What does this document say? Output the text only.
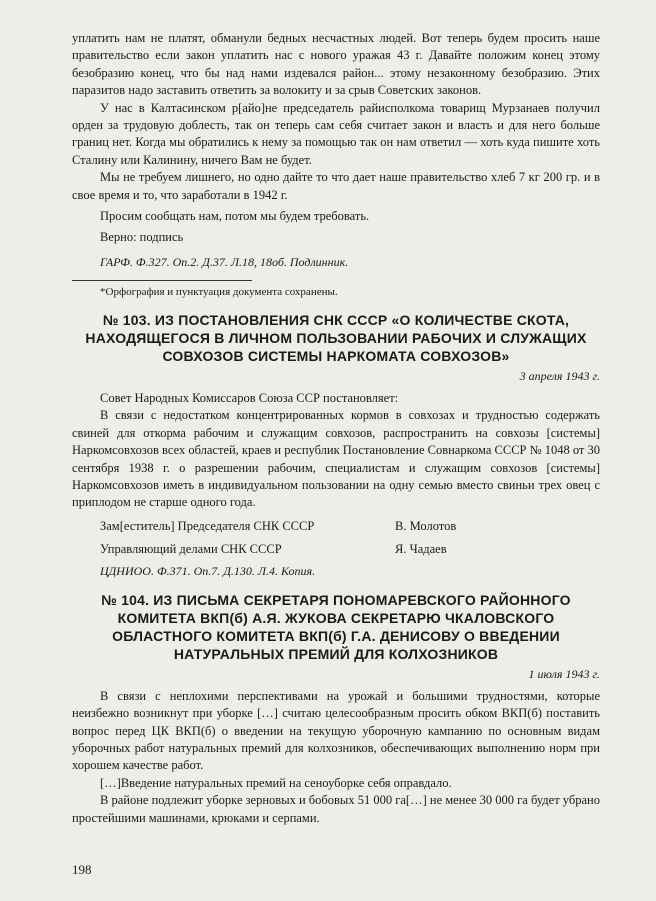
уплатить нам не платят, обманули бедных несчастных людей. Вот теперь будем просить наше правительство если закон уплатить нас с нового уражая 43 г. Давайте положим конец этому безобразию конец, что бы над нами издевался район... этому незаконному безобразию. Этих паразитов надо заставить ответить за волокиту и за срыв Советских законов.

У нас в Калтасинском р[айо]не председатель райисполкома товарищ Мурзанаев получил орден за трудовую доблесть, так он теперь сам себя считает закон и власть и для него больше границ нет. Когда мы обратились к нему за помощью так он нам ответил — хоть куда пишите хоть Сталину или Калинину, ничего Вам не будет.

Мы не требуем лишнего, но одно дайте то что дает наше правительство хлеб 7 кг 200 гр. и в свое время и то, что заработали в 1942 г.

Просим сообщать нам, потом мы будем требовать.

Верно: подпись

ГАРФ. Ф.327. Оп.2. Д.37. Л.18, 18об. Подлинник.

*Орфография и пунктуация документа сохранены.

№ 103. ИЗ ПОСТАНОВЛЕНИЯ СНК СССР «О КОЛИЧЕСТВЕ СКОТА, НАХОДЯЩЕГОСЯ В ЛИЧНОМ ПОЛЬЗОВАНИИ РАБОЧИХ И СЛУЖАЩИХ СОВХОЗОВ СИСТЕМЫ НАРКОМАТА СОВХОЗОВ»

3 апреля 1943 г.

Совет Народных Комиссаров Союза ССР постановляет:

В связи с недостатком концентрированных кормов в совхозах и трудностью содержать свиней для откорма рабочим и служащим совхозов, распространить на совхозы [системы] Наркомсовхозов всех областей, краев и республик Постановление Совнаркома СССР № 1048 от 30 сентября 1938 г. о разрешении рабочим, специалистам и служащим совхозов [системы] Наркомсовхозов иметь в индивидуальном пользовании на одну семью вместо свиньи трех овец с приплодом не старше одного года.

Зам[еститель] Председателя СНК СССР	В. Молотов
Управляющий делами СНК СССР	Я. Чадаев

ЦДНИОО. Ф.371. Оп.7. Д.130. Л.4. Копия.

№ 104. ИЗ ПИСЬМА СЕКРЕТАРЯ ПОНОМАРЕВСКОГО РАЙОННОГО КОМИТЕТА ВКП(б) А.Я. ЖУКОВА СЕКРЕТАРЮ ЧКАЛОВСКОГО ОБЛАСТНОГО КОМИТЕТА ВКП(б) Г.А. ДЕНИСОВУ О ВВЕДЕНИИ НАТУРАЛЬНЫХ ПРЕМИЙ ДЛЯ КОЛХОЗНИКОВ

1 июля 1943 г.

В связи с неплохими перспективами на урожай и большими трудностями, которые неизбежно возникнут при уборке […] считаю целесообразным просить обком ВКП(б) поставить вопрос перед ЦК ВКП(б) о введении на текущую уборочную кампанию по основным видам уборочных работ натуральных премий для колхозников, обеспечивающих выполнению норм при хорошем качестве работ.

[…]Введение натуральных премий на сеноуборке себя оправдало.

В районе подлежит уборке зерновых и бобовых 51 000 га[…] не менее 30 000 га будет убрано простейшими машинами, крюками и серпами.

198
